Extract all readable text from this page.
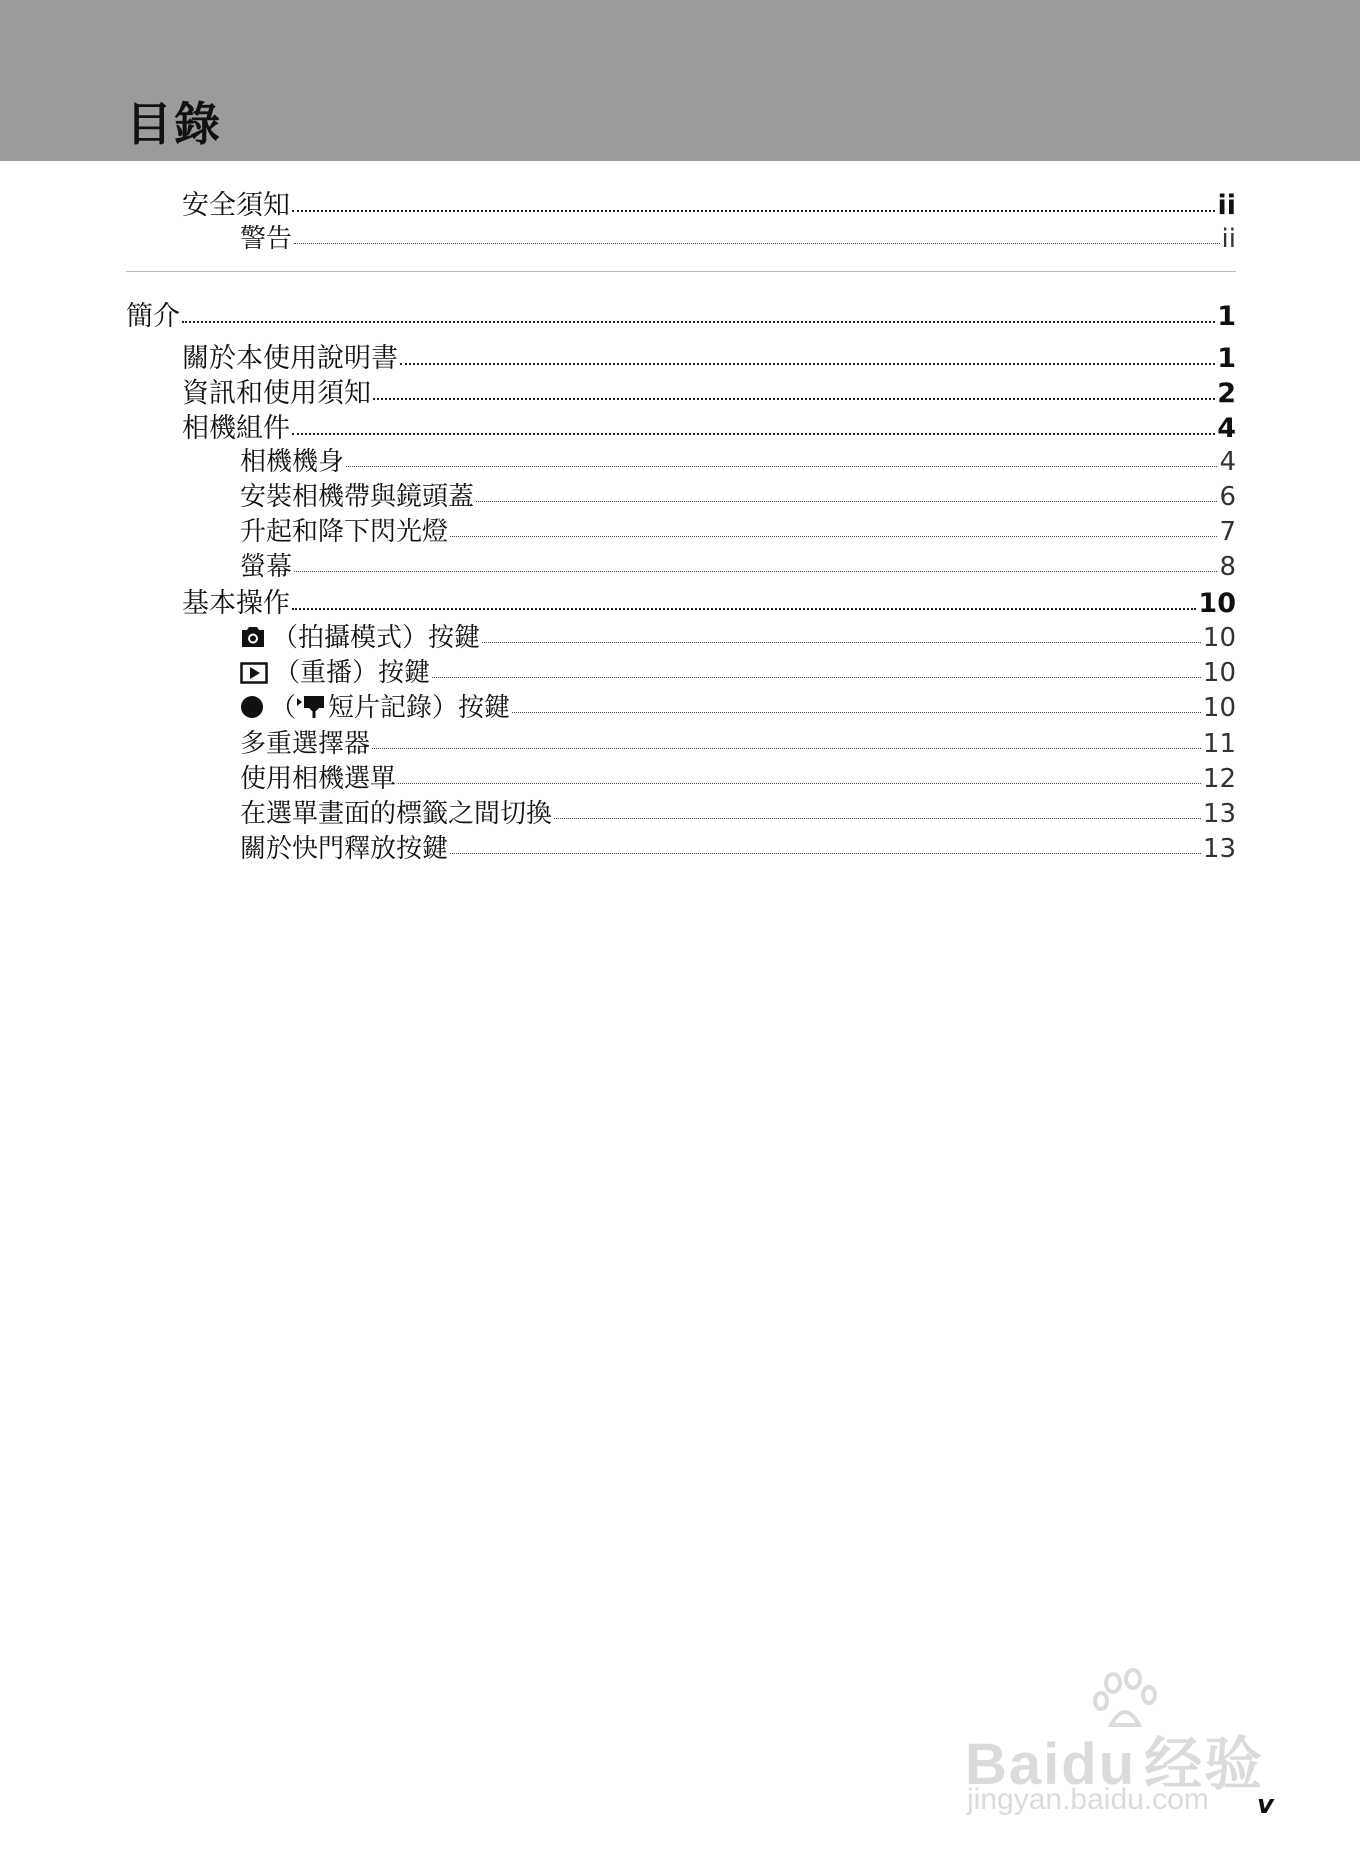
目錄
安全須知	ii
警告	ii
簡介	1
關於本使用說明書	1
資訊和使用須知	2
相機組件	4
相機機身	4
安裝相機帶與鏡頭蓋	6
升起和降下閃光燈	7
螢幕	8
基本操作	10
（拍攝模式）按鍵	10
（重播）按鍵	10
（ 短片記錄）按鍵	10
多重選擇器	11
使用相機選單	12
在選單畫面的標籤之間切換	13
關於快門釋放按鍵	13
Baidu 经验
jingyan.baidu.com v
